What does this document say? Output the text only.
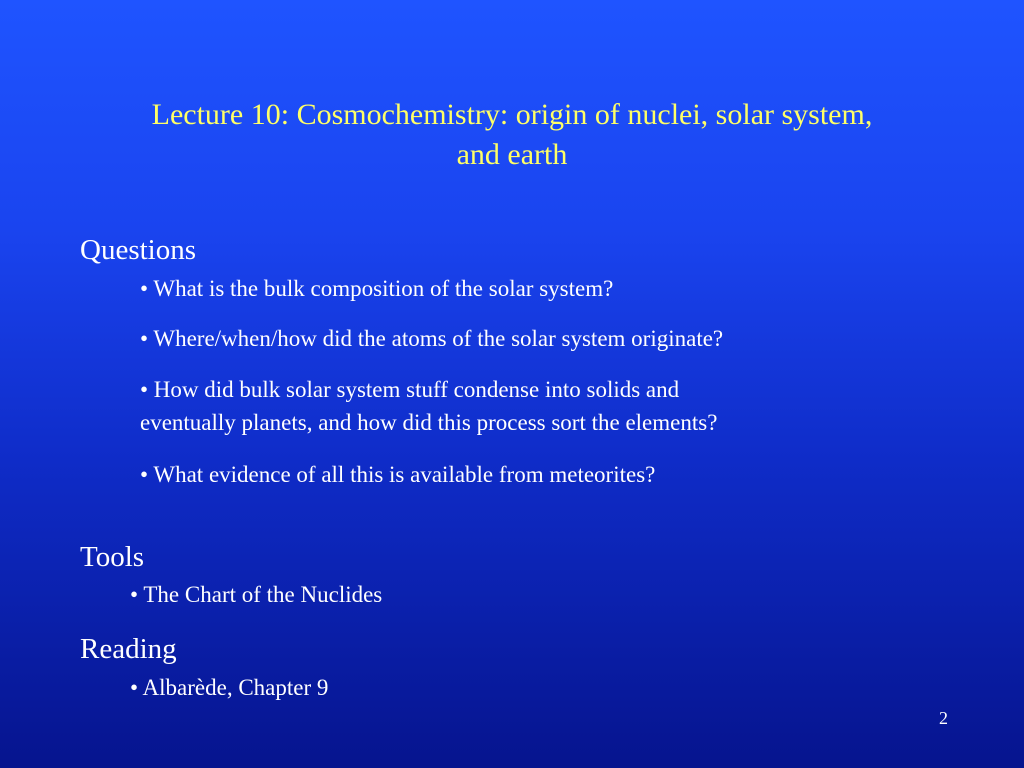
Lecture 10: Cosmochemistry: origin of nuclei, solar system,
and earth
Questions
• What is the bulk composition of the solar system?
• Where/when/how did the atoms of the solar system originate?
• How did bulk solar system stuff condense into solids and
eventually planets, and how did this process sort the elements?
• What evidence of all this is available from meteorites?
Tools
• The Chart of the Nuclides
Reading
• Albarède, Chapter 9
2
